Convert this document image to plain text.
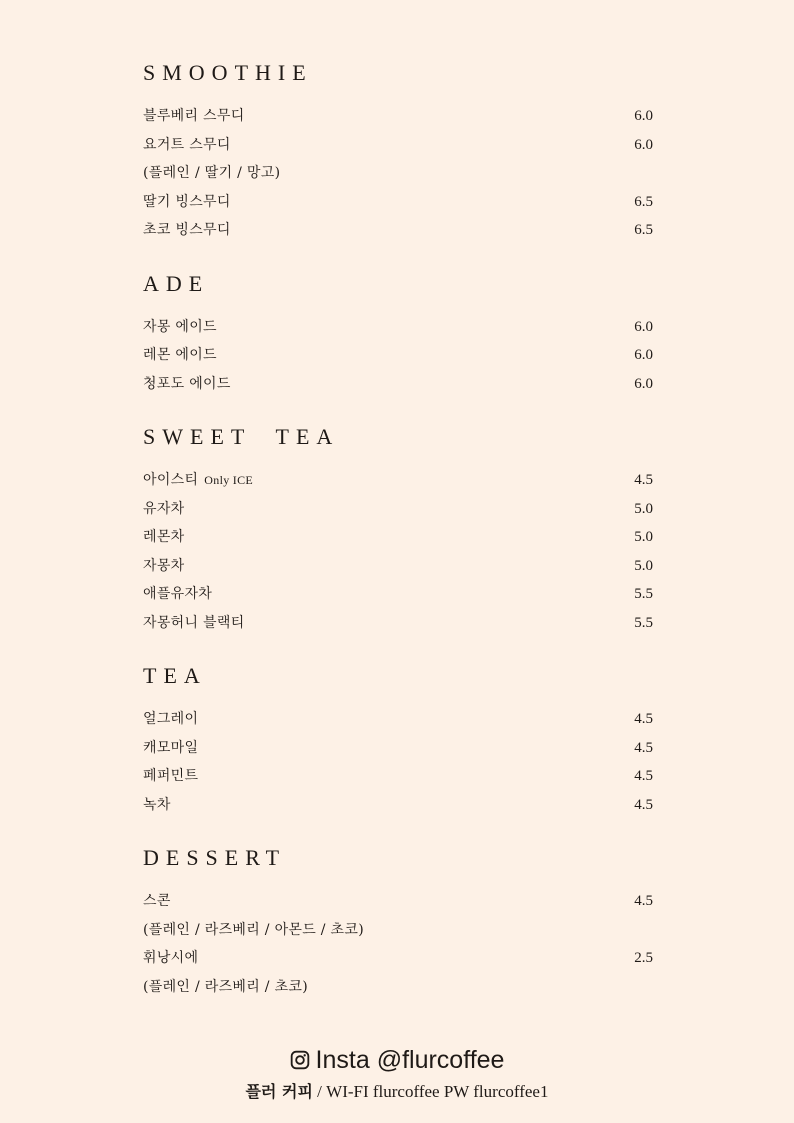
SMOOTHIE
블루베리 스무디	6.0
요거트 스무디	6.0
(플레인 / 딸기 / 망고)
딸기 빙스무디	6.5
초코 빙스무디	6.5
ADE
자몽 에이드	6.0
레몬 에이드	6.0
청포도 에이드	6.0
SWEET  TEA
아이스티 Only ICE	4.5
유자차	5.0
레몬차	5.0
자몽차	5.0
애플유자차	5.5
자몽허니 블랙티	5.5
TEA
얼그레이	4.5
캐모마일	4.5
페퍼민트	4.5
녹차	4.5
DESSERT
스콘	4.5
(플레인 / 라즈베리 / 아몬드 / 초코)
휘낭시에	2.5
(플레인 / 라즈베리 / 초코)
Insta @flurcoffee
플러 커피 / WI-FI flurcoffee PW flurcoffee1
